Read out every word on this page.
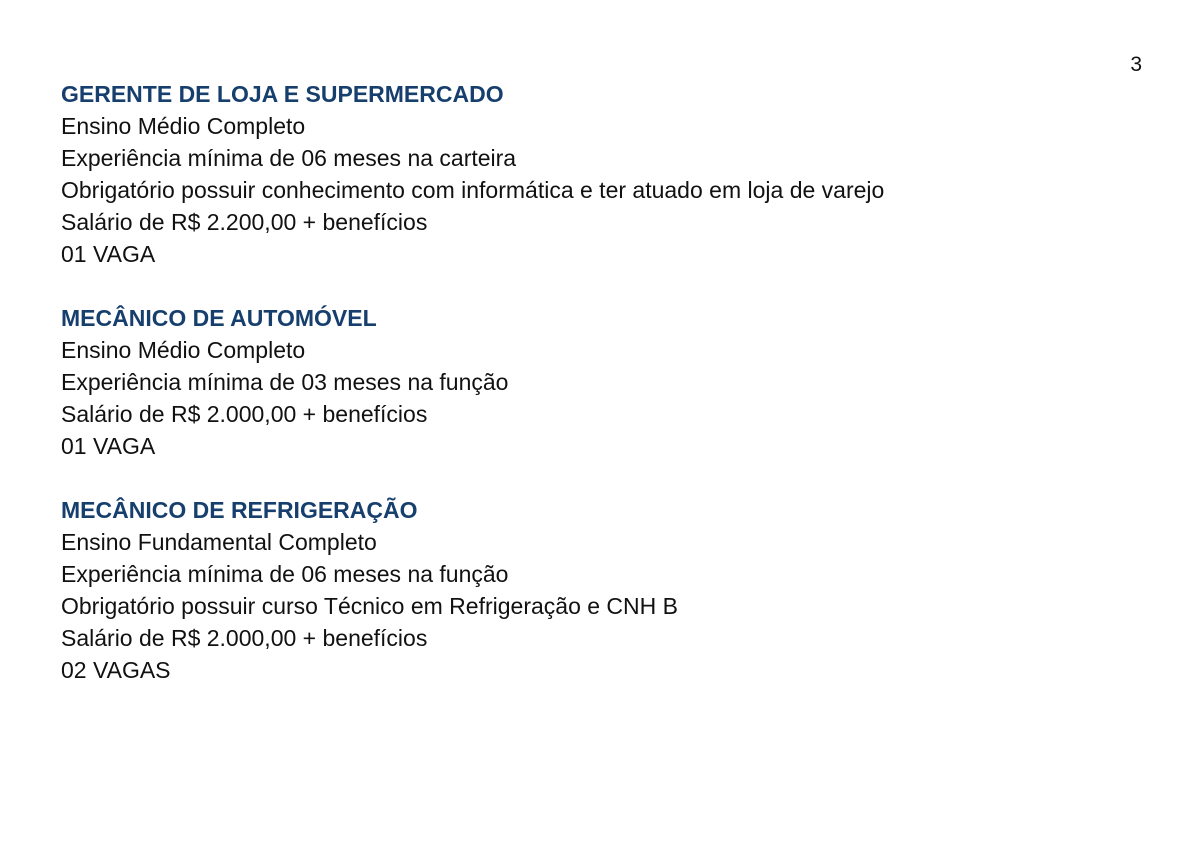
3

GERENTE DE LOJA E SUPERMERCADO

Ensino Médio Completo

Experiência mínima de 06 meses na carteira

Obrigatório possuir conhecimento com informática e ter atuado em loja de varejo

Salário de R$ 2.200,00 + benefícios

01 VAGA

MECÂNICO DE AUTOMÓVEL

Ensino Médio Completo

Experiência mínima de 03 meses na função

Salário de R$ 2.000,00 + benefícios

01 VAGA

MECÂNICO DE REFRIGERAÇÃO

Ensino Fundamental Completo

Experiência mínima de 06 meses na função

Obrigatório possuir curso Técnico em Refrigeração e CNH B

Salário de R$ 2.000,00 + benefícios

02 VAGAS
